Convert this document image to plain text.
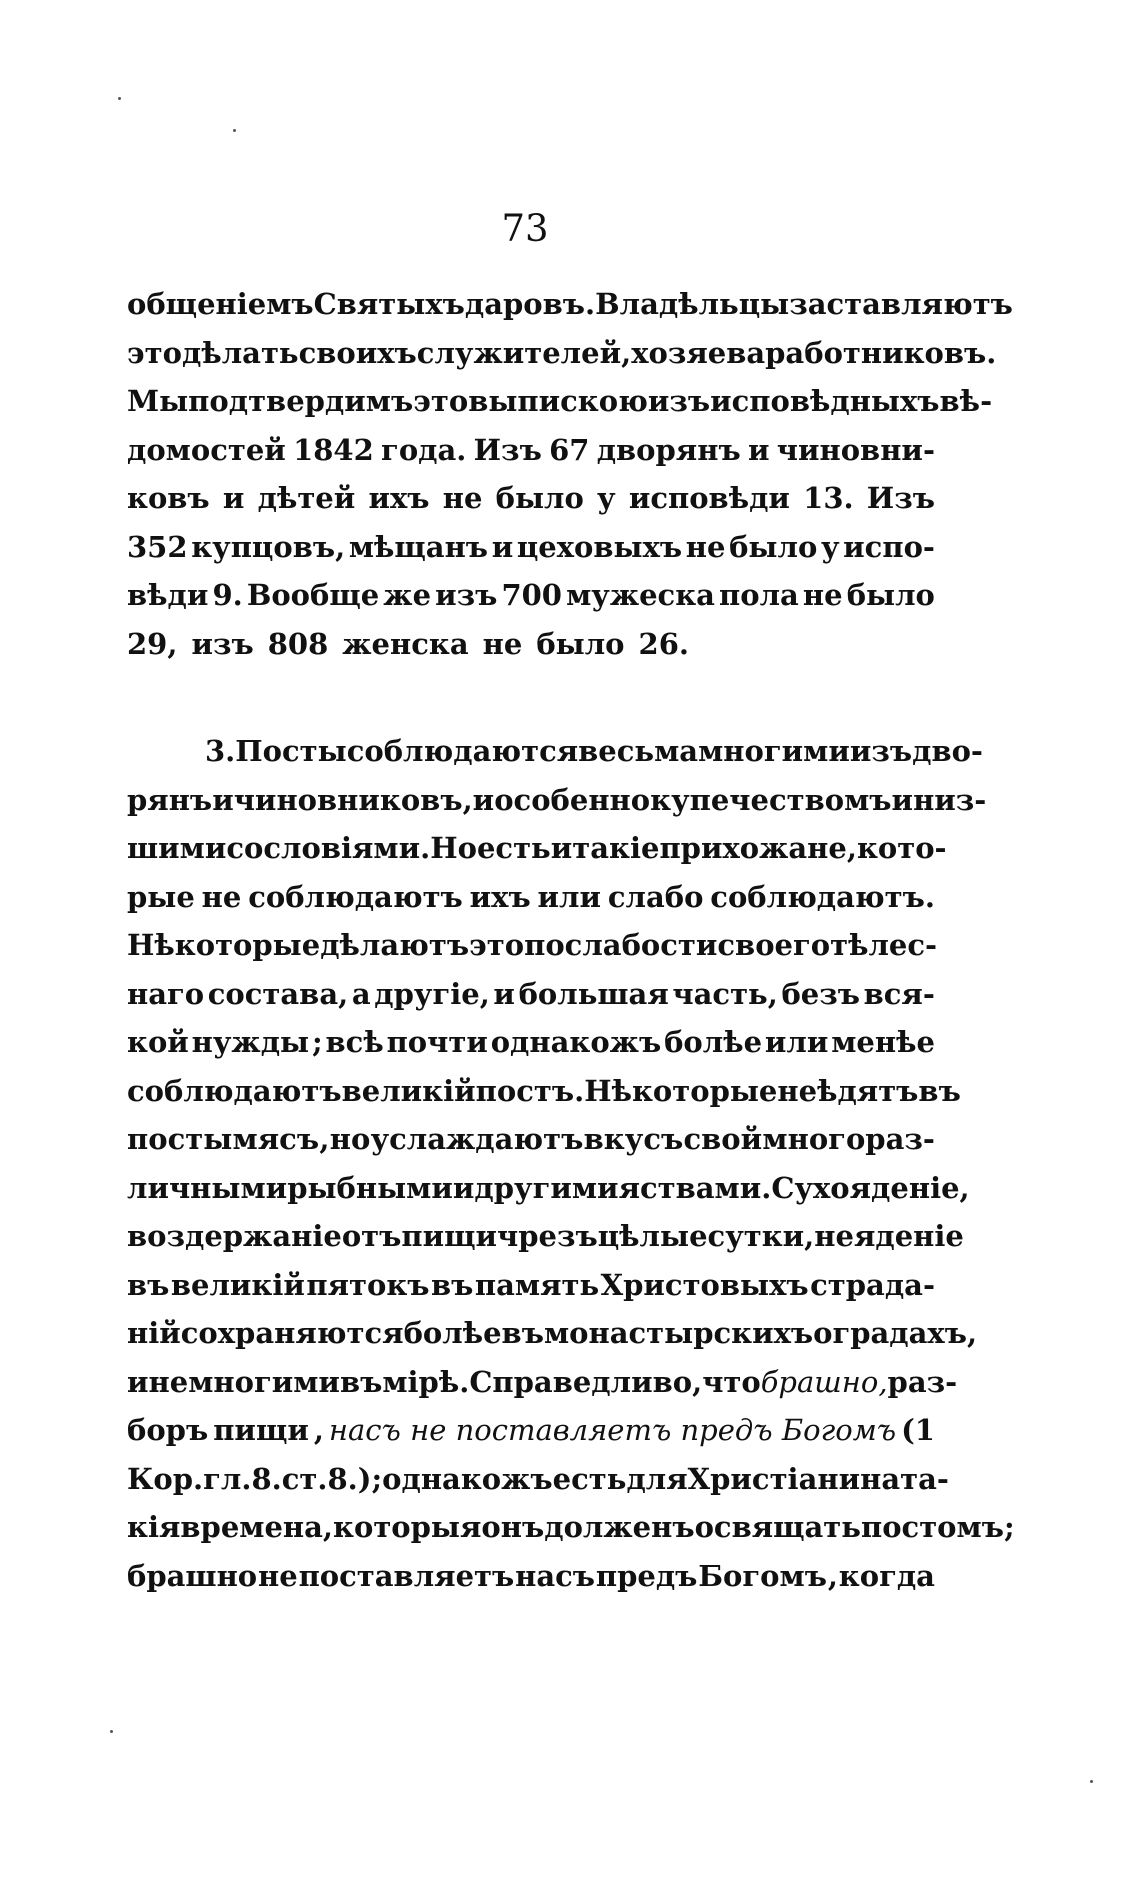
73
общеніемъ Святыхъ даровъ. Владѣльцы заставляютъ
это дѣлать своихъ служителей, хозяева работниковъ.
Мы подтвердимъ это выпискою изъ исповѣдныхъ вѣ-
домостей 1842 года. Изъ 67 дворянъ и чиновни-
ковъ и дѣтей ихъ не было у исповѣди 13. Изъ
352 купцовъ, мѣщанъ и цеховыхъ не было у испо-
вѣди 9. Вообще же изъ 700 мужеска пола не было
29, изъ 808 женска не было 26.
3. Посты соблюдаются весьма многими изъ дво-
рянъ и чиновниковъ, и особенно купечествомъ и низ-
шими сословіями. Но есть и такіе прихожане, кото-
рые не соблюдаютъ ихъ или слабо соблюдаютъ.
Нѣкоторые дѣлаютъ это по слабости своего тѣлес-
наго состава, а другіе, и большая часть, безъ вся-
кой нужды ; всѣ почти однакожъ болѣе или менѣе
соблюдаютъ великій постъ. Нѣкоторые не ѣдятъ въ
посты мясъ , но услаждаютъ вкусъ свой многораз-
личными рыбными и другими яствами. Сухояденіе,
воздержаніе отъ пищи чрезъ цѣлые сутки, неяденіе
въ великій пятокъ въ память Христовыхъ страда-
ній сохраняются болѣе въ монастырскихъ оградахъ,
и немногими въ мірѣ. Справедливо, что брашно, раз-
боръ пищи , насъ не поставляетъ предъ Богомъ (1
Кор. гл. 8. ст. 8.); однакожъ есть для Христіанина та-
кія времена, которыя онъ долженъ освящать постомъ;
брашно не поставляетъ насъ предъ Богомъ , когда
